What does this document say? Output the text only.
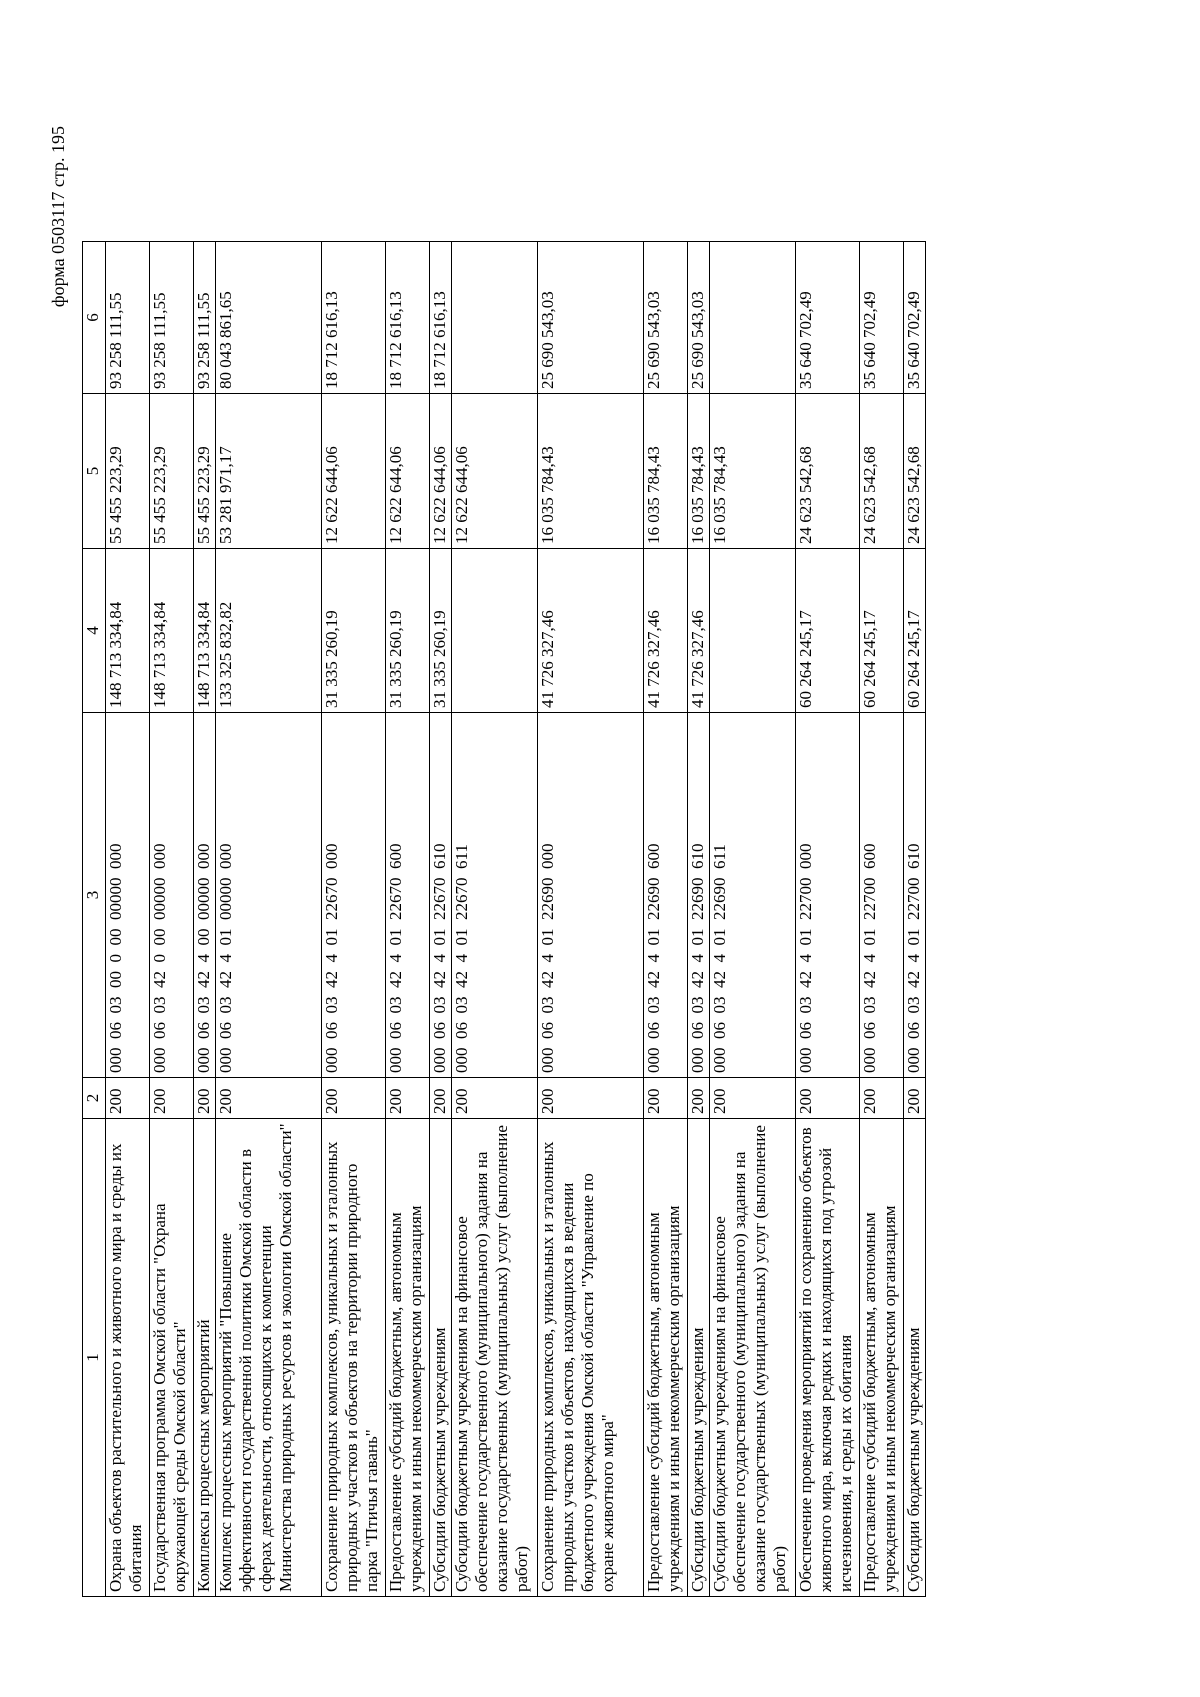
форма 0503117 стр. 195
1	2	3	4	5	6
Охрана объектов растительного и животного мира и среды их обитания	200	000  06  03  00  0  00  00000  000	148 713 334,84	55 455 223,29	93 258 111,55
Государственная программа Омской области "Охрана окружающей среды Омской области"	200	000  06  03  42  0  00  00000  000	148 713 334,84	55 455 223,29	93 258 111,55
Комплексы процессных мероприятий	200	000  06  03  42  4  00  00000  000	148 713 334,84	55 455 223,29	93 258 111,55
Комплекс процессных мероприятий "Повышение эффективности государственной политики Омской области в сферах деятельности, относящихся к компетенции Министерства природных ресурсов и экологии Омской области"	200	000  06  03  42  4  01  00000  000	133 325 832,82	53 281 971,17	80 043 861,65
Сохранение природных комплексов, уникальных и эталонных природных участков и объектов на территории природного парка "Птичья гавань"	200	000  06  03  42  4  01  22670  000	31 335 260,19	12 622 644,06	18 712 616,13
Предоставление субсидий бюджетным, автономным учреждениям и иным некоммерческим организациям	200	000  06  03  42  4  01  22670  600	31 335 260,19	12 622 644,06	18 712 616,13
Субсидии бюджетным учреждениям	200	000  06  03  42  4  01  22670  610	31 335 260,19	12 622 644,06	18 712 616,13
Субсидии бюджетным учреждениям на финансовое обеспечение государственного (муниципального) задания на оказание государственных (муниципальных) услуг (выполнение работ)	200	000  06  03  42  4  01  22670  611		12 622 644,06	
Сохранение природных комплексов, уникальных и эталонных природных участков и объектов, находящихся в ведении бюджетного учреждения Омской области "Управление по охране животного мира"	200	000  06  03  42  4  01  22690  000	41 726 327,46	16 035 784,43	25 690 543,03
Предоставление субсидий бюджетным, автономным учреждениям и иным некоммерческим организациям	200	000  06  03  42  4  01  22690  600	41 726 327,46	16 035 784,43	25 690 543,03
Субсидии бюджетным учреждениям	200	000  06  03  42  4  01  22690  610	41 726 327,46	16 035 784,43	25 690 543,03
Субсидии бюджетным учреждениям на финансовое обеспечение государственного (муниципального) задания на оказание государственных (муниципальных) услуг (выполнение работ)	200	000  06  03  42  4  01  22690  611		16 035 784,43	
Обеспечение проведения мероприятий по сохранению объектов животного мира, включая редких и находящихся под угрозой исчезновения, и среды их обитания	200	000  06  03  42  4  01  22700  000	60 264 245,17	24 623 542,68	35 640 702,49
Предоставление субсидий бюджетным, автономным учреждениям и иным некоммерческим организациям	200	000  06  03  42  4  01  22700  600	60 264 245,17	24 623 542,68	35 640 702,49
Субсидии бюджетным учреждениям	200	000  06  03  42  4  01  22700  610	60 264 245,17	24 623 542,68	35 640 702,49
